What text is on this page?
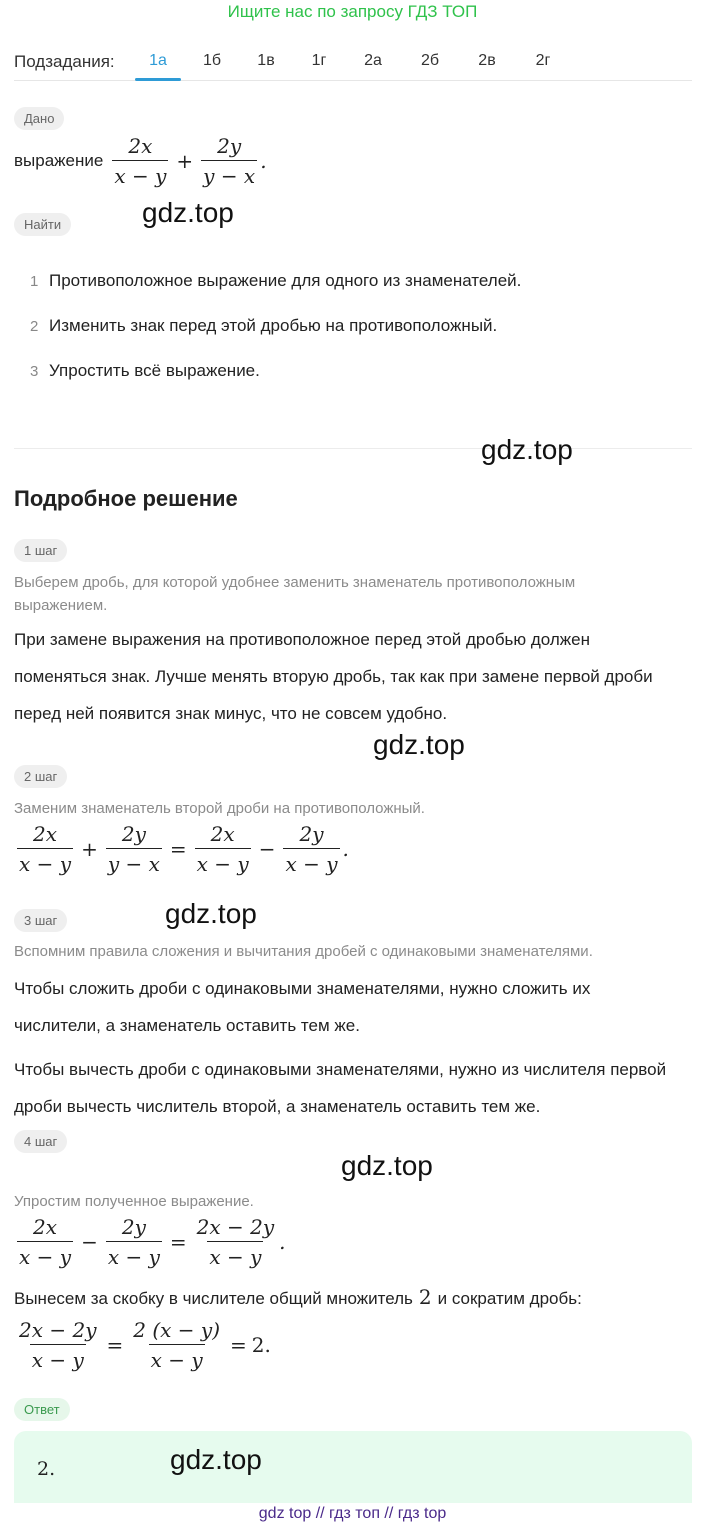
Ищите нас по запросу ГДЗ ТОП
Подзадания:	1а	1б	1в	1г	2а	2б	2в	2г
Дано
выражение $\frac{2x}{x - y} + \frac{2y}{y - x}$ .
Найти	gdz.top
1 Противоположное выражение для одного из знаменателей.
2 Изменить знак перед этой дробью на противоположный.
3 Упростить всё выражение.
gdz.top
Подробное решение
1 шаг
Выберем дробь, для которой удобнее заменить знаменатель противоположным выражением.
При замене выражения на противоположное перед этой дробью должен поменяться знак. Лучше менять вторую дробь, так как при замене первой дроби перед ней появится знак минус, что не совсем удобно.
gdz.top
2 шаг
Заменим знаменатель второй дроби на противоположный.
$\frac{2x}{x - y} + \frac{2y}{y - x} = \frac{2x}{x - y} - \frac{2y}{x - y}$ .
3 шаг	gdz.top
Вспомним правила сложения и вычитания дробей с одинаковыми знаменателями.
Чтобы сложить дроби с одинаковыми знаменателями, нужно сложить их числители, а знаменатель оставить тем же.
Чтобы вычесть дроби с одинаковыми знаменателями, нужно из числителя первой дроби вычесть числитель второй, а знаменатель оставить тем же.
4 шаг
gdz.top
Упростим полученное выражение.
$\frac{2x}{x - y} - \frac{2y}{x - y} = \frac{2x - 2y}{x - y}$ .
Вынесем за скобку в числителе общий множитель 2 и сократим дробь:
$\frac{2x - 2y}{x - y} = \frac{2 (x - y)}{x - y} = 2$.
Ответ
2.	gdz.top
gdz top // гдз топ // гдз top
